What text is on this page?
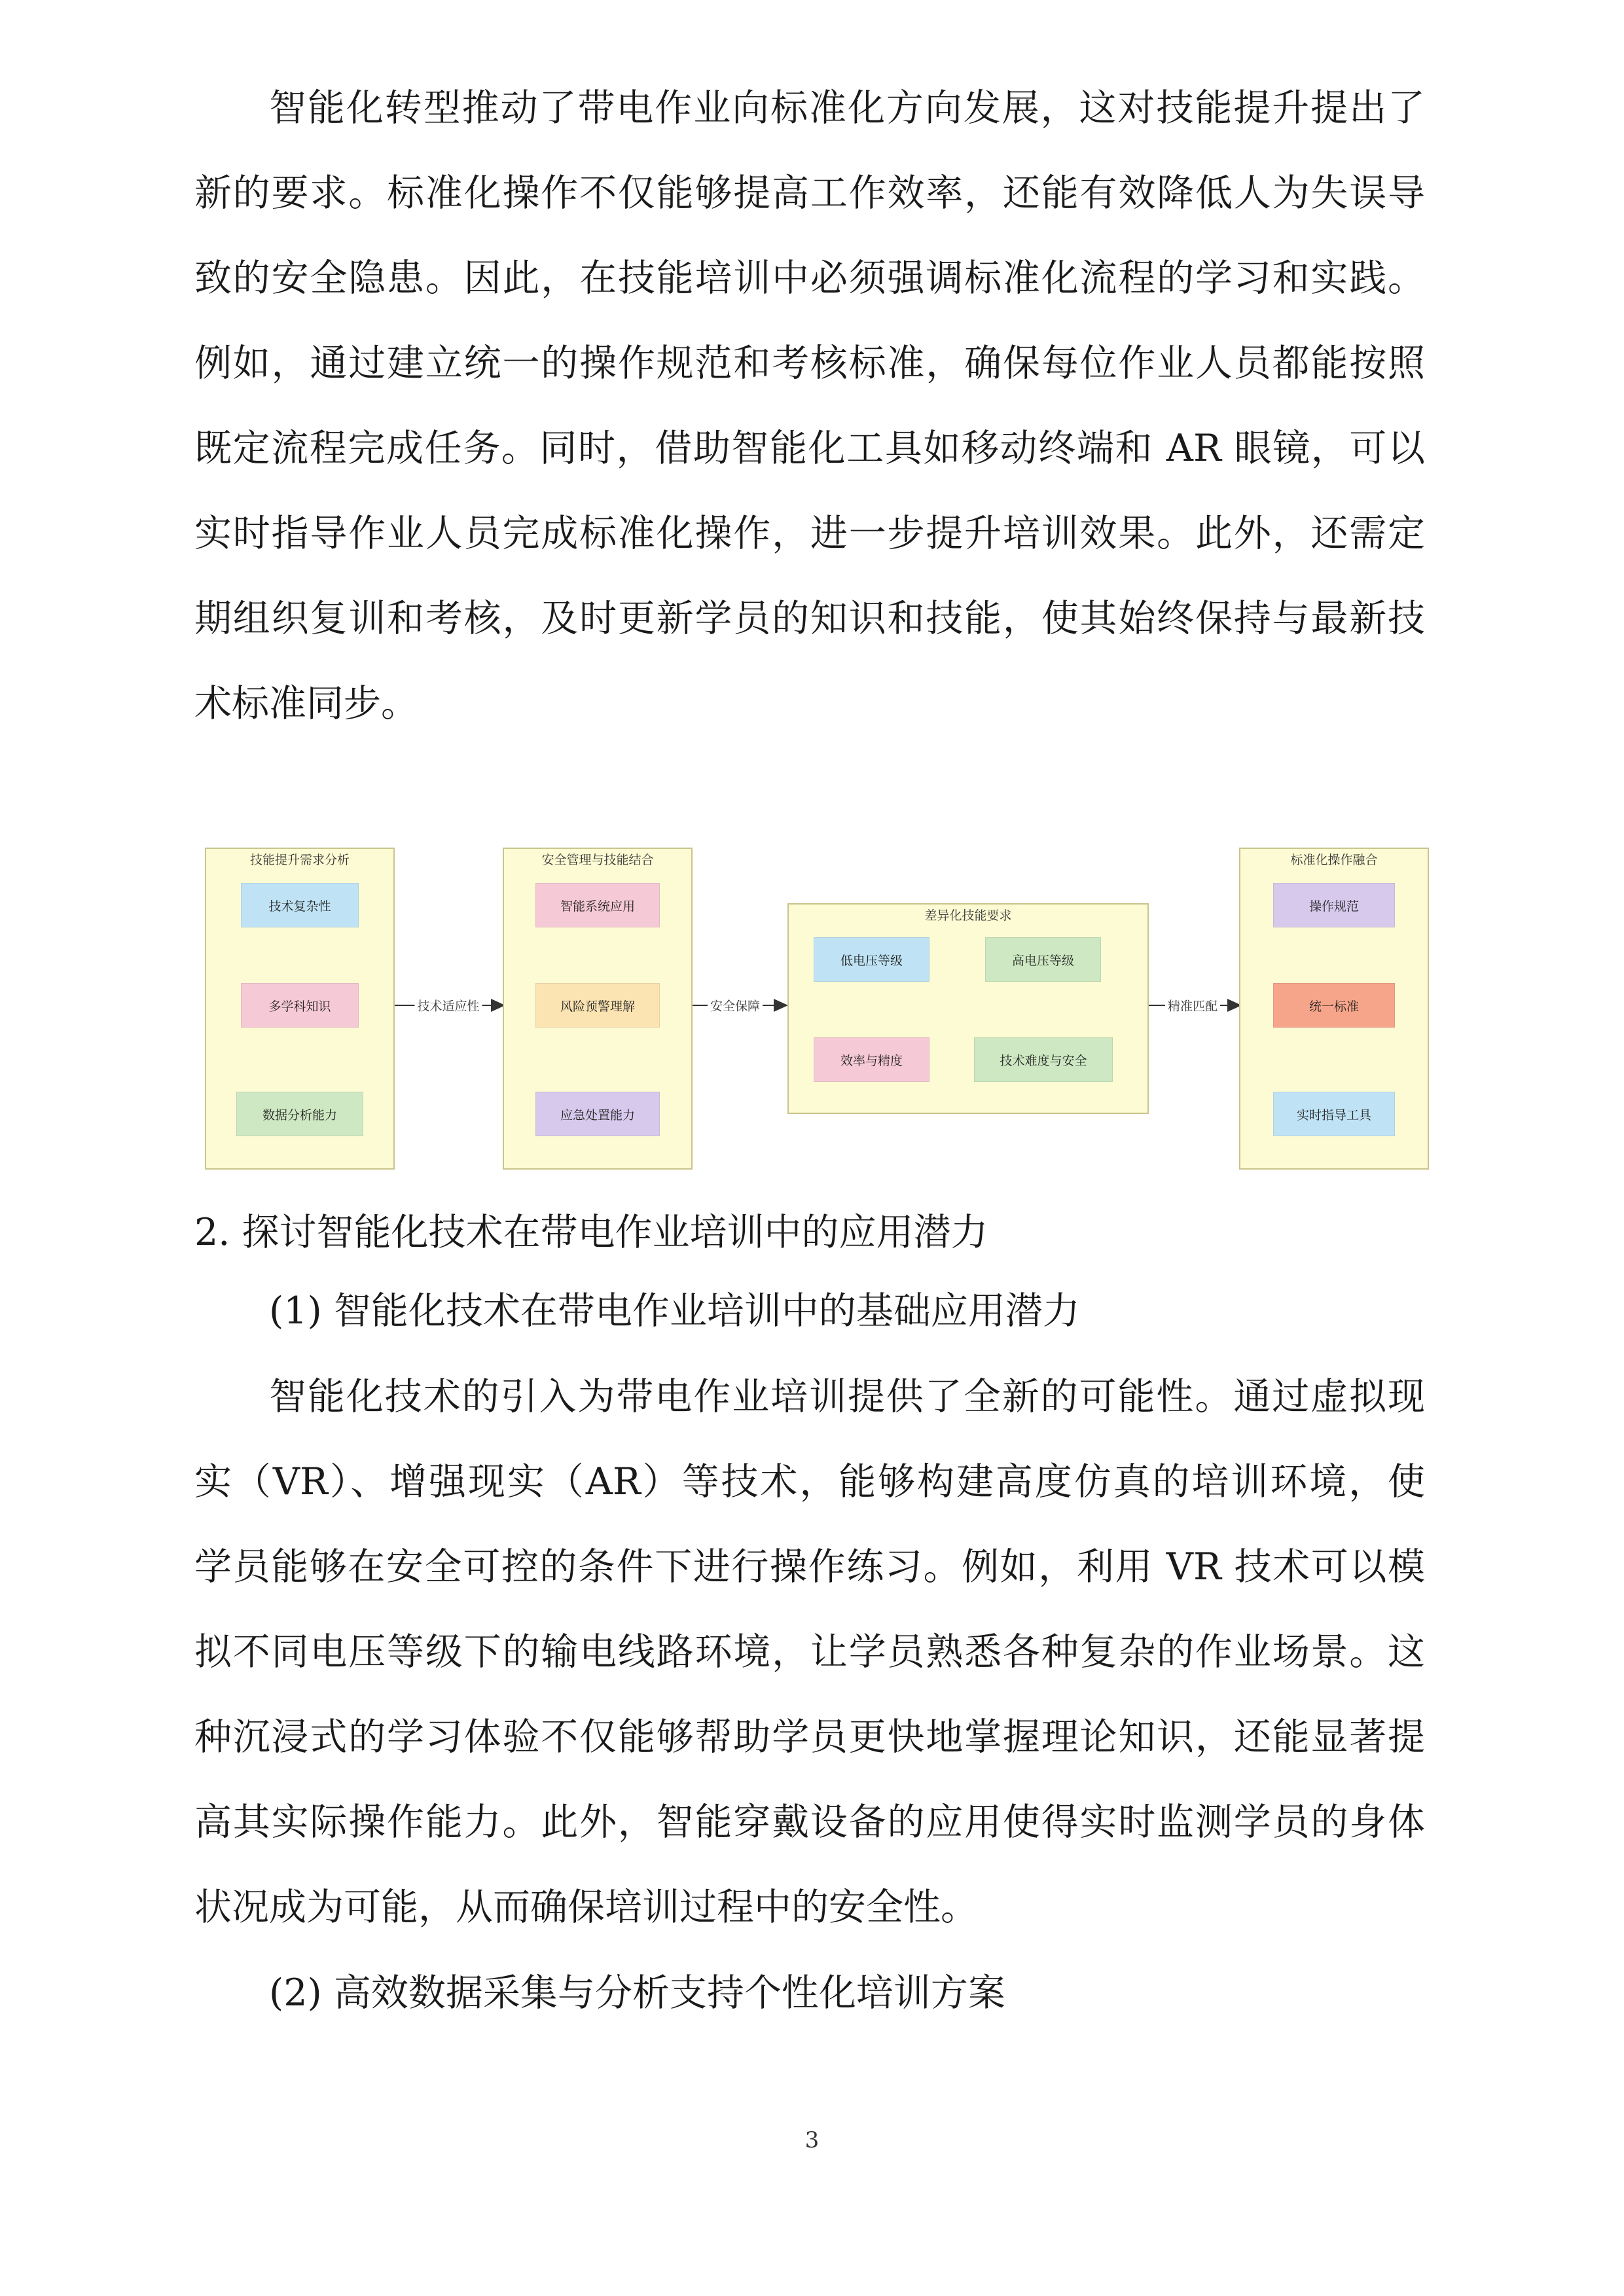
智能化转型推动了带电作业向标准化方向发展，这对技能提升提出了
新的要求。标准化操作不仅能够提高工作效率，还能有效降低人为失误导
致的安全隐患。因此，在技能培训中必须强调标准化流程的学习和实践。
例如，通过建立统一的操作规范和考核标准，确保每位作业人员都能按照
既定流程完成任务。同时，借助智能化工具如移动终端和 AR 眼镜，可以
实时指导作业人员完成标准化操作，进一步提升培训效果。此外，还需定
期组织复训和考核，及时更新学员的知识和技能，使其始终保持与最新技
术标准同步。
技能提升需求分析
技术复杂性
多学科知识
数据分析能力
安全管理与技能结合
智能系统应用
风险预警理解
应急处置能力
差异化技能要求
低电压等级	高电压等级
效率与精度	技术难度与安全
标准化操作融合
操作规范
统一标准
实时指导工具
技术适应性	安全保障	精准匹配
2. 探讨智能化技术在带电作业培训中的应用潜力
(1) 智能化技术在带电作业培训中的基础应用潜力
智能化技术的引入为带电作业培训提供了全新的可能性。通过虚拟现
实（VR）、增强现实（AR）等技术，能够构建高度仿真的培训环境，使
学员能够在安全可控的条件下进行操作练习。例如，利用 VR 技术可以模
拟不同电压等级下的输电线路环境，让学员熟悉各种复杂的作业场景。这
种沉浸式的学习体验不仅能够帮助学员更快地掌握理论知识，还能显著提
高其实际操作能力。此外，智能穿戴设备的应用使得实时监测学员的身体
状况成为可能，从而确保培训过程中的安全性。
(2) 高效数据采集与分析支持个性化培训方案
3
